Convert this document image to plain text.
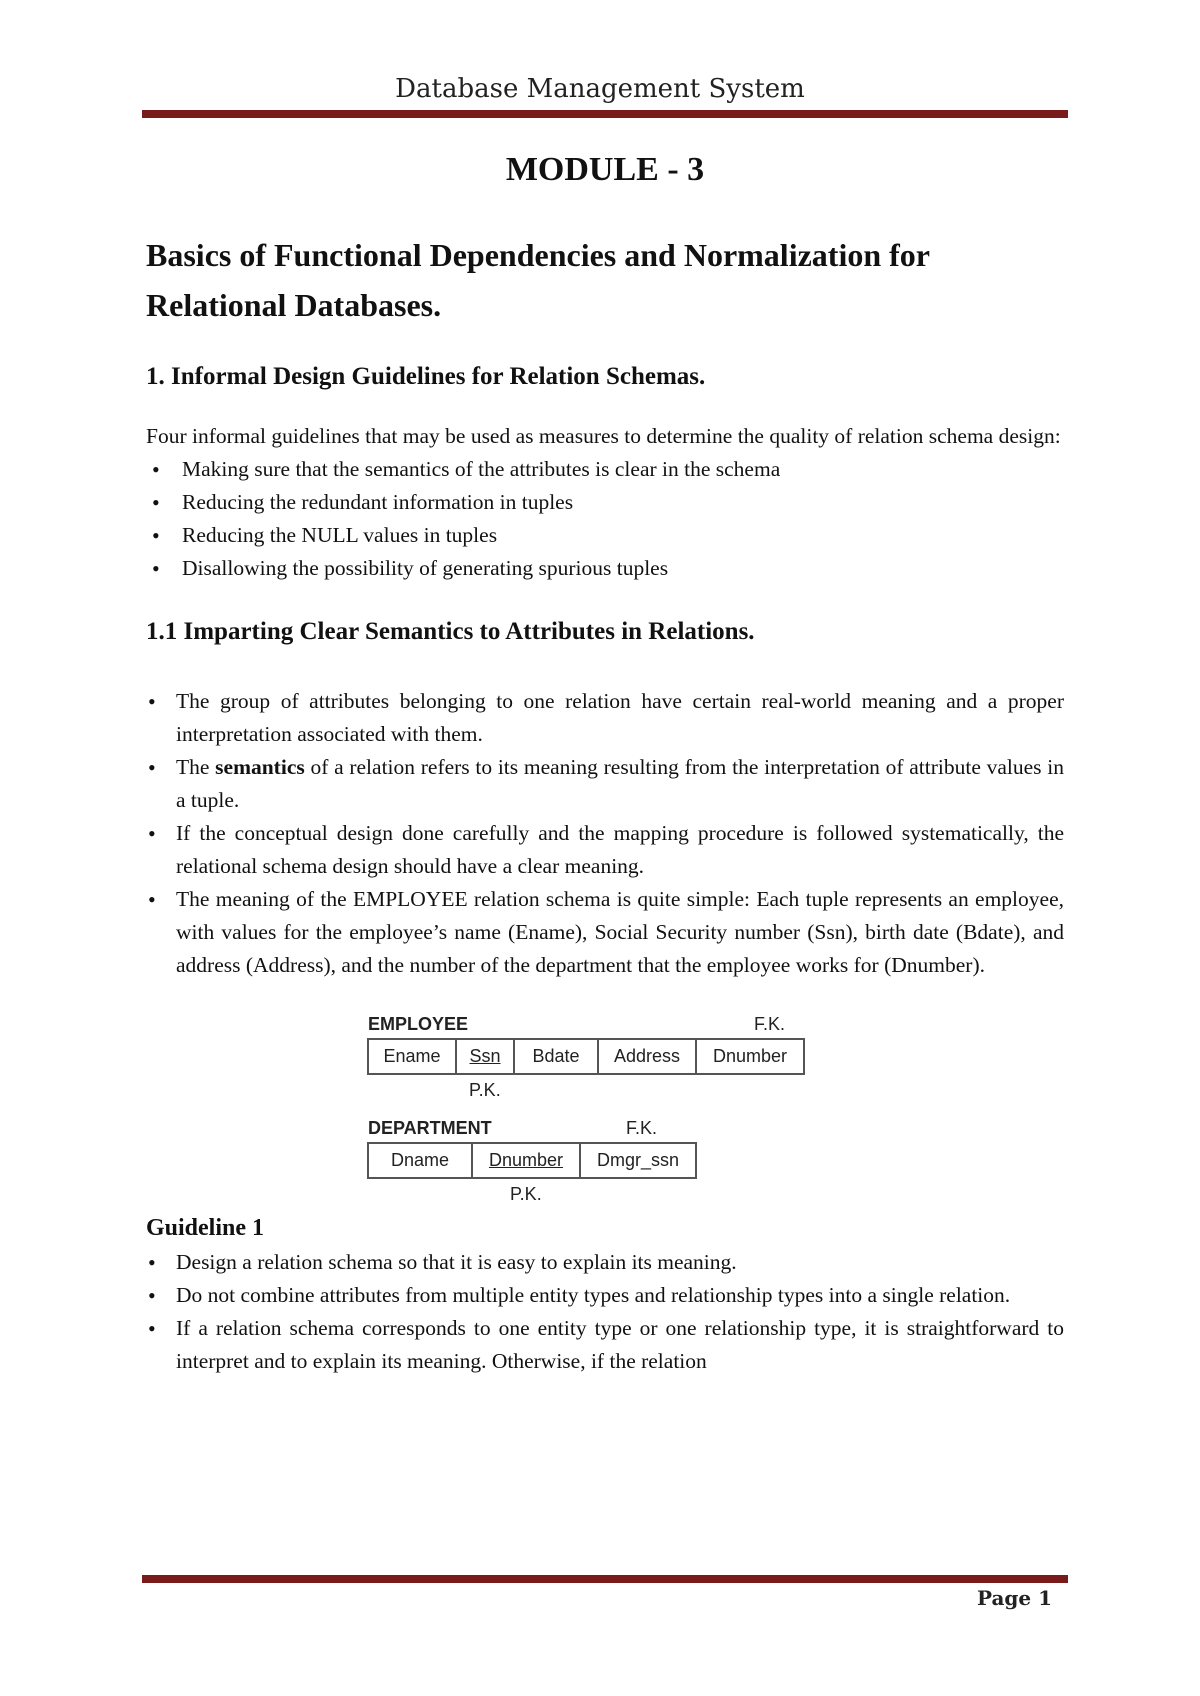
Database Management System
MODULE - 3
Basics of Functional Dependencies and Normalization for Relational Databases.
1. Informal Design Guidelines for Relation Schemas.

Four informal guidelines that may be used as measures to determine the quality of relation schema design:

• Making sure that the semantics of the attributes is clear in the schema
• Reducing the redundant information in tuples
• Reducing the NULL values in tuples
• Disallowing the possibility of generating spurious tuples
1.1 Imparting Clear Semantics to Attributes in Relations.
• The group of attributes belonging to one relation have certain real-world meaning and a proper interpretation associated with them.
• The semantics of a relation refers to its meaning resulting from the interpretation of attribute values in a tuple.
• If the conceptual design done carefully and the mapping procedure is followed systematically, the relational schema design should have a clear meaning.
• The meaning of the EMPLOYEE relation schema is quite simple: Each tuple represents an employee, with values for the employee’s name (Ename), Social Security number (Ssn), birth date (Bdate), and address (Address), and the number of the department that the employee works for (Dnumber).
EMPLOYEE	F.K.
Ename	Ssn	Bdate	Address	Dnumber
P.K.
DEPARTMENT	F.K.
Dname	Dnumber	Dmgr_ssn
P.K.
Guideline 1
• Design a relation schema so that it is easy to explain its meaning.
• Do not combine attributes from multiple entity types and relationship types into a single relation.
• If a relation schema corresponds to one entity type or one relationship type, it is straightforward to interpret and to explain its meaning. Otherwise, if the relation
Page 1
